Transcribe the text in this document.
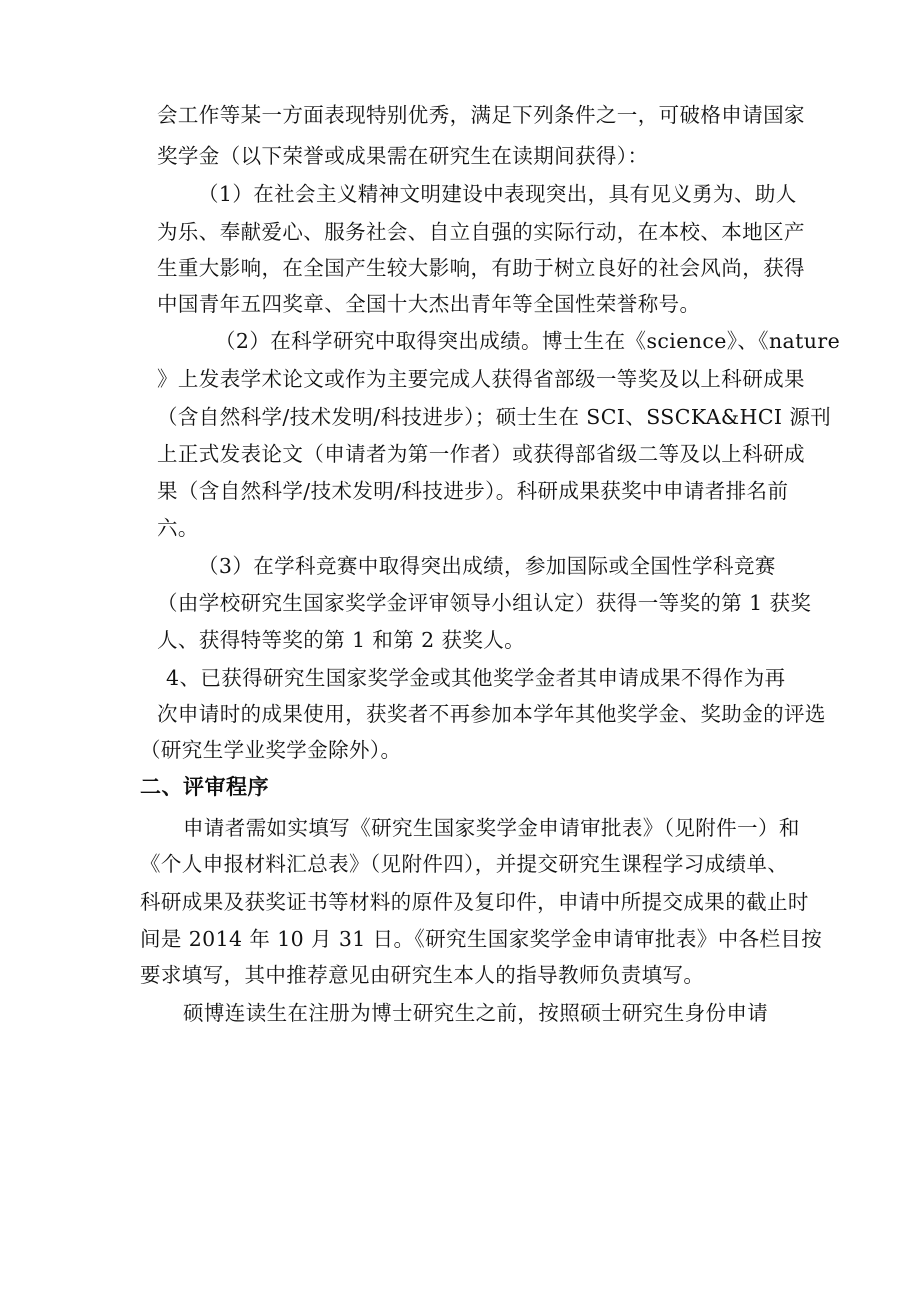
会工作等某一方面表现特别优秀，满足下列条件之一，可破格申请国家
奖学金（以下荣誉或成果需在研究生在读期间获得）：
（1）在社会主义精神文明建设中表现突出，具有见义勇为、助人
为乐、奉献爱心、服务社会、自立自强的实际行动，在本校、本地区产
生重大影响，在全国产生较大影响，有助于树立良好的社会风尚，获得
中国青年五四奖章、全国十大杰出青年等全国性荣誉称号。
（2）在科学研究中取得突出成绩。博士生在《science》、《nature
》上发表学术论文或作为主要完成人获得省部级一等奖及以上科研成果
（含自然科学/技术发明/科技进步）；硕士生在 SCI、SSCKA&HCI 源刊
上正式发表论文（申请者为第一作者）或获得部省级二等及以上科研成
果（含自然科学/技术发明/科技进步）。科研成果获奖中申请者排名前
六。
（3）在学科竞赛中取得突出成绩，参加国际或全国性学科竞赛
（由学校研究生国家奖学金评审领导小组认定）获得一等奖的第 1 获奖
人、获得特等奖的第 1 和第 2 获奖人。
4、已获得研究生国家奖学金或其他奖学金者其申请成果不得作为再
次申请时的成果使用，获奖者不再参加本学年其他奖学金、奖助金的评选
（研究生学业奖学金除外）。
二、评审程序
申请者需如实填写《研究生国家奖学金申请审批表》（见附件一）和
《个人申报材料汇总表》（见附件四），并提交研究生课程学习成绩单、
科研成果及获奖证书等材料的原件及复印件，申请中所提交成果的截止时
间是 2014 年 10 月 31 日。《研究生国家奖学金申请审批表》中各栏目按
要求填写，其中推荐意见由研究生本人的指导教师负责填写。
硕博连读生在注册为博士研究生之前，按照硕士研究生身份申请
